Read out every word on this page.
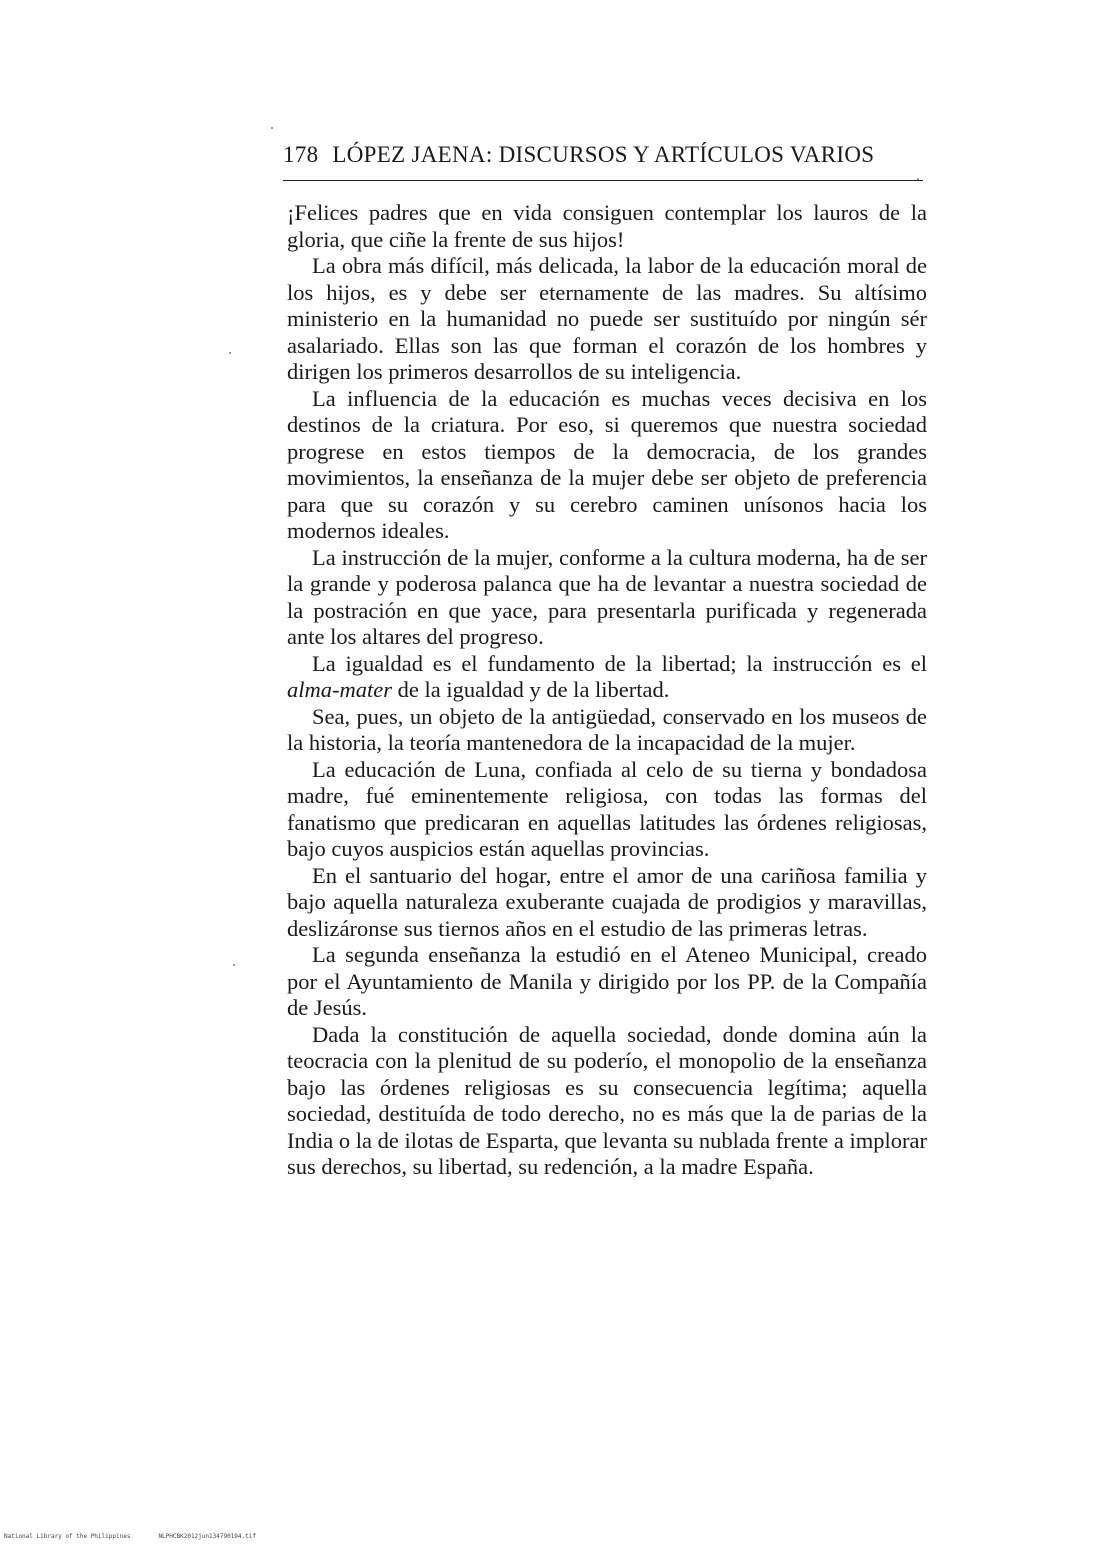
178 LÓPEZ JAENA: DISCURSOS Y ARTÍCULOS VARIOS

¡Felices padres que en vida consiguen contemplar los lauros de la gloria, que ciñe la frente de sus hijos!

La obra más difícil, más delicada, la labor de la educación moral de los hijos, es y debe ser eternamente de las madres. Su altísimo ministerio en la humanidad no puede ser sustituído por ningún sér asalariado. Ellas son las que forman el corazón de los hombres y dirigen los primeros desarrollos de su inteligencia.

La influencia de la educación es muchas veces decisiva en los destinos de la criatura. Por eso, si queremos que nuestra sociedad progrese en estos tiempos de la democracia, de los grandes movimientos, la enseñanza de la mujer debe ser objeto de preferencia para que su corazón y su cerebro caminen unísonos hacia los modernos ideales.

La instrucción de la mujer, conforme a la cultura moderna, ha de ser la grande y poderosa palanca que ha de levantar a nuestra sociedad de la postración en que yace, para presentarla purificada y regenerada ante los altares del progreso.

La igualdad es el fundamento de la libertad; la instrucción es el alma-mater de la igualdad y de la libertad.

Sea, pues, un objeto de la antigüedad, conservado en los museos de la historia, la teoría mantenedora de la incapacidad de la mujer.

La educación de Luna, confiada al celo de su tierna y bondadosa madre, fué eminentemente religiosa, con todas las formas del fanatismo que predicaran en aquellas latitudes las órdenes religiosas, bajo cuyos auspicios están aquellas provincias.

En el santuario del hogar, entre el amor de una cariñosa familia y bajo aquella naturaleza exuberante cuajada de prodigios y maravillas, deslizáronse sus tiernos años en el estudio de las primeras letras.

La segunda enseñanza la estudió en el Ateneo Municipal, creado por el Ayuntamiento de Manila y dirigido por los PP. de la Compañía de Jesús.

Dada la constitución de aquella sociedad, donde domina aún la teocracia con la plenitud de su poderío, el monopolio de la enseñanza bajo las órdenes religiosas es su consecuencia legítima; aquella sociedad, destituída de todo derecho, no es más que la de parias de la India o la de ilotas de Esparta, que levanta su nublada frente a implorar sus derechos, su libertad, su redención, a la madre España.

National Library of the Philippines	NLPHCBK2012jun134790194.tif
